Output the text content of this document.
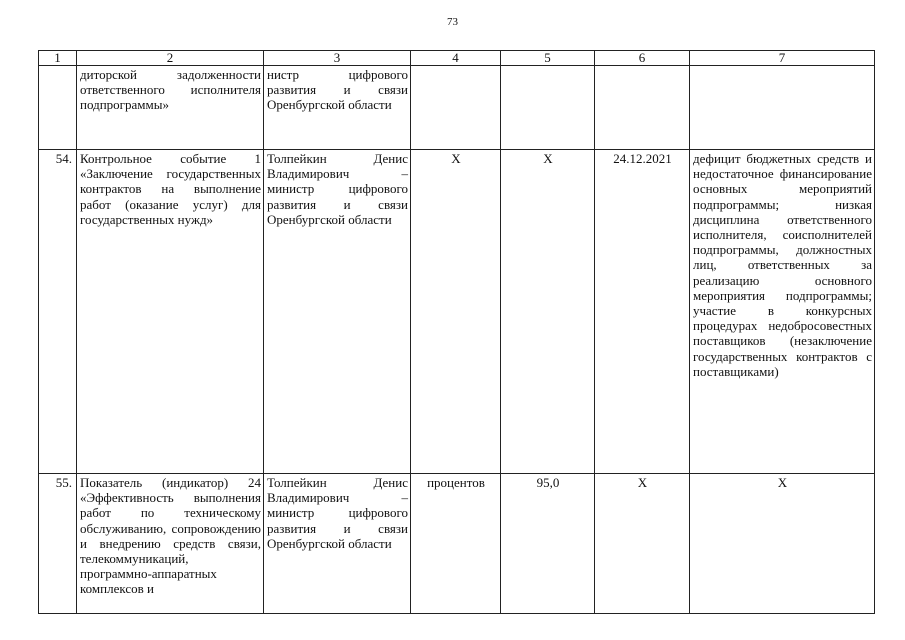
73
1	2	3	4	5	6	7
	диторской задолженности ответственного исполнителя подпрограммы»	нистр цифрового развития и связи Оренбургской области				
54.	Контрольное событие 1 «Заключение государственных контрактов на выполнение работ (оказание услуг) для государственных нужд»	Толпейкин Денис Владимирович – министр цифрового развития и связи Оренбургской области	Х	Х	24.12.2021	дефицит бюджетных средств и недостаточное финансирование основных мероприятий подпрограммы; низкая дисциплина ответственного исполнителя, соисполнителей подпрограммы, должностных лиц, ответственных за реализацию основного мероприятия подпрограммы; участие в конкурсных процедурах недобросовестных поставщиков (незаключение государственных контрактов с поставщиками)
55.	Показатель (индикатор) 24 «Эффективность выполнения работ по техническому обслуживанию, сопровождению и внедрению средств связи, телекоммуникаций, программно-аппаратных комплексов и	Толпейкин Денис Владимирович – министр цифрового развития и связи Оренбургской области	процентов	95,0	Х	Х
